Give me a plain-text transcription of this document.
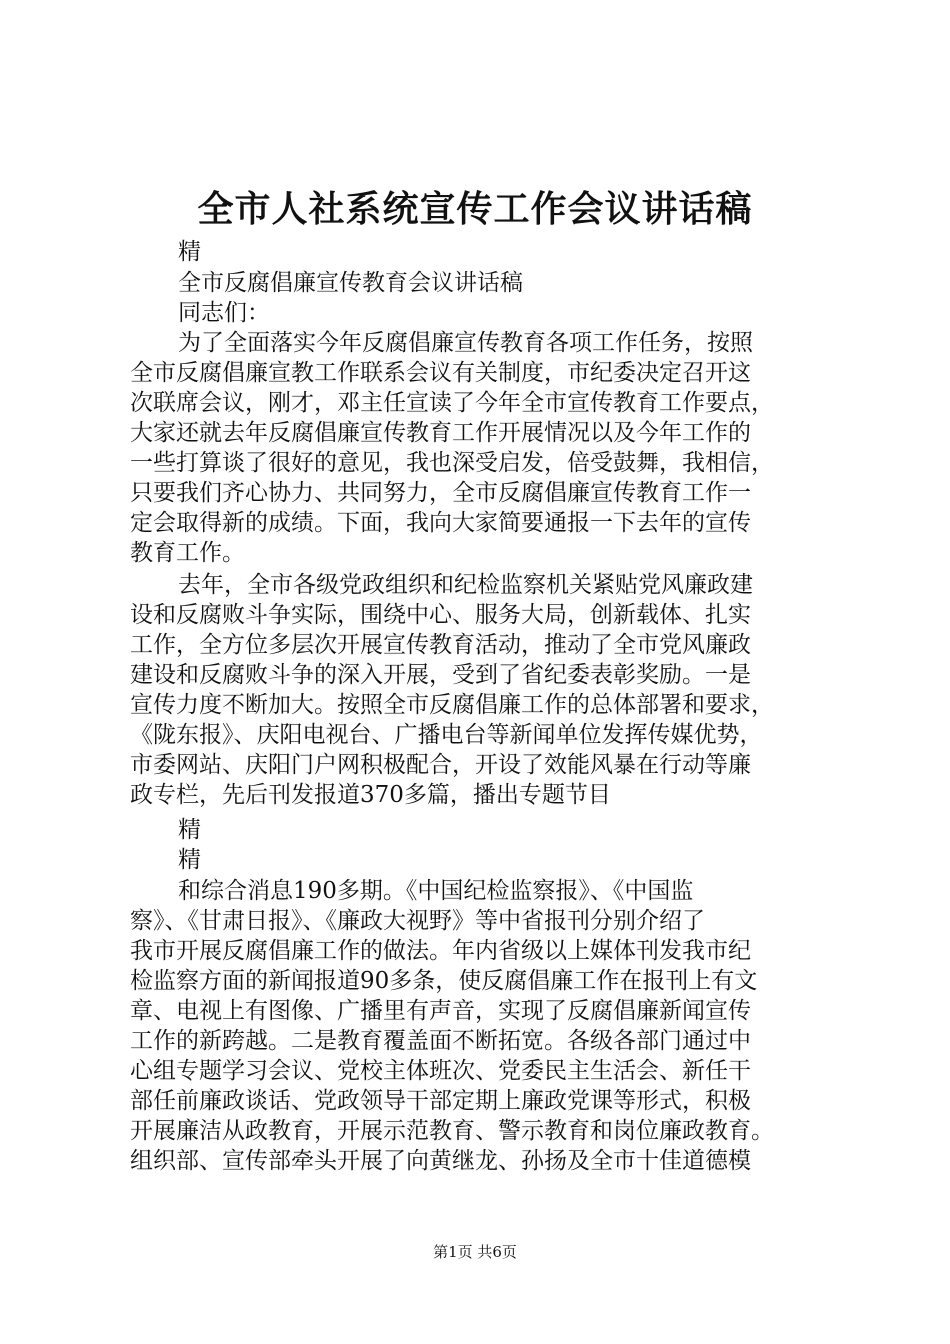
全市人社系统宣传工作会议讲话稿
精
全市反腐倡廉宣传教育会议讲话稿
同志们：
为了全面落实今年反腐倡廉宣传教育各项工作任务，按照
全市反腐倡廉宣教工作联系会议有关制度，市纪委决定召开这
次联席会议，刚才，邓主任宣读了今年全市宣传教育工作要点，
大家还就去年反腐倡廉宣传教育工作开展情况以及今年工作的
一些打算谈了很好的意见，我也深受启发，倍受鼓舞，我相信，
只要我们齐心协力、共同努力，全市反腐倡廉宣传教育工作一
定会取得新的成绩。下面，我向大家简要通报一下去年的宣传
教育工作。
去年，全市各级党政组织和纪检监察机关紧贴党风廉政建
设和反腐败斗争实际，围绕中心、服务大局，创新载体、扎实
工作，全方位多层次开展宣传教育活动，推动了全市党风廉政
建设和反腐败斗争的深入开展，受到了省纪委表彰奖励。一是
宣传力度不断加大。按照全市反腐倡廉工作的总体部署和要求，
《陇东报》、庆阳电视台、广播电台等新闻单位发挥传媒优势，
市委网站、庆阳门户网积极配合，开设了效能风暴在行动等廉
政专栏，先后刊发报道370多篇，播出专题节目
精
精
和综合消息190多期。《中国纪检监察报》、《中国监
察》、《甘肃日报》、《廉政大视野》等中省报刊分别介绍了
我市开展反腐倡廉工作的做法。年内省级以上媒体刊发我市纪
检监察方面的新闻报道90多条，使反腐倡廉工作在报刊上有文
章、电视上有图像、广播里有声音，实现了反腐倡廉新闻宣传
工作的新跨越。二是教育覆盖面不断拓宽。各级各部门通过中
心组专题学习会议、党校主体班次、党委民主生活会、新任干
部任前廉政谈话、党政领导干部定期上廉政党课等形式，积极
开展廉洁从政教育，开展示范教育、警示教育和岗位廉政教育。
组织部、宣传部牵头开展了向黄继龙、孙扬及全市十佳道德模
第1页 共6页
